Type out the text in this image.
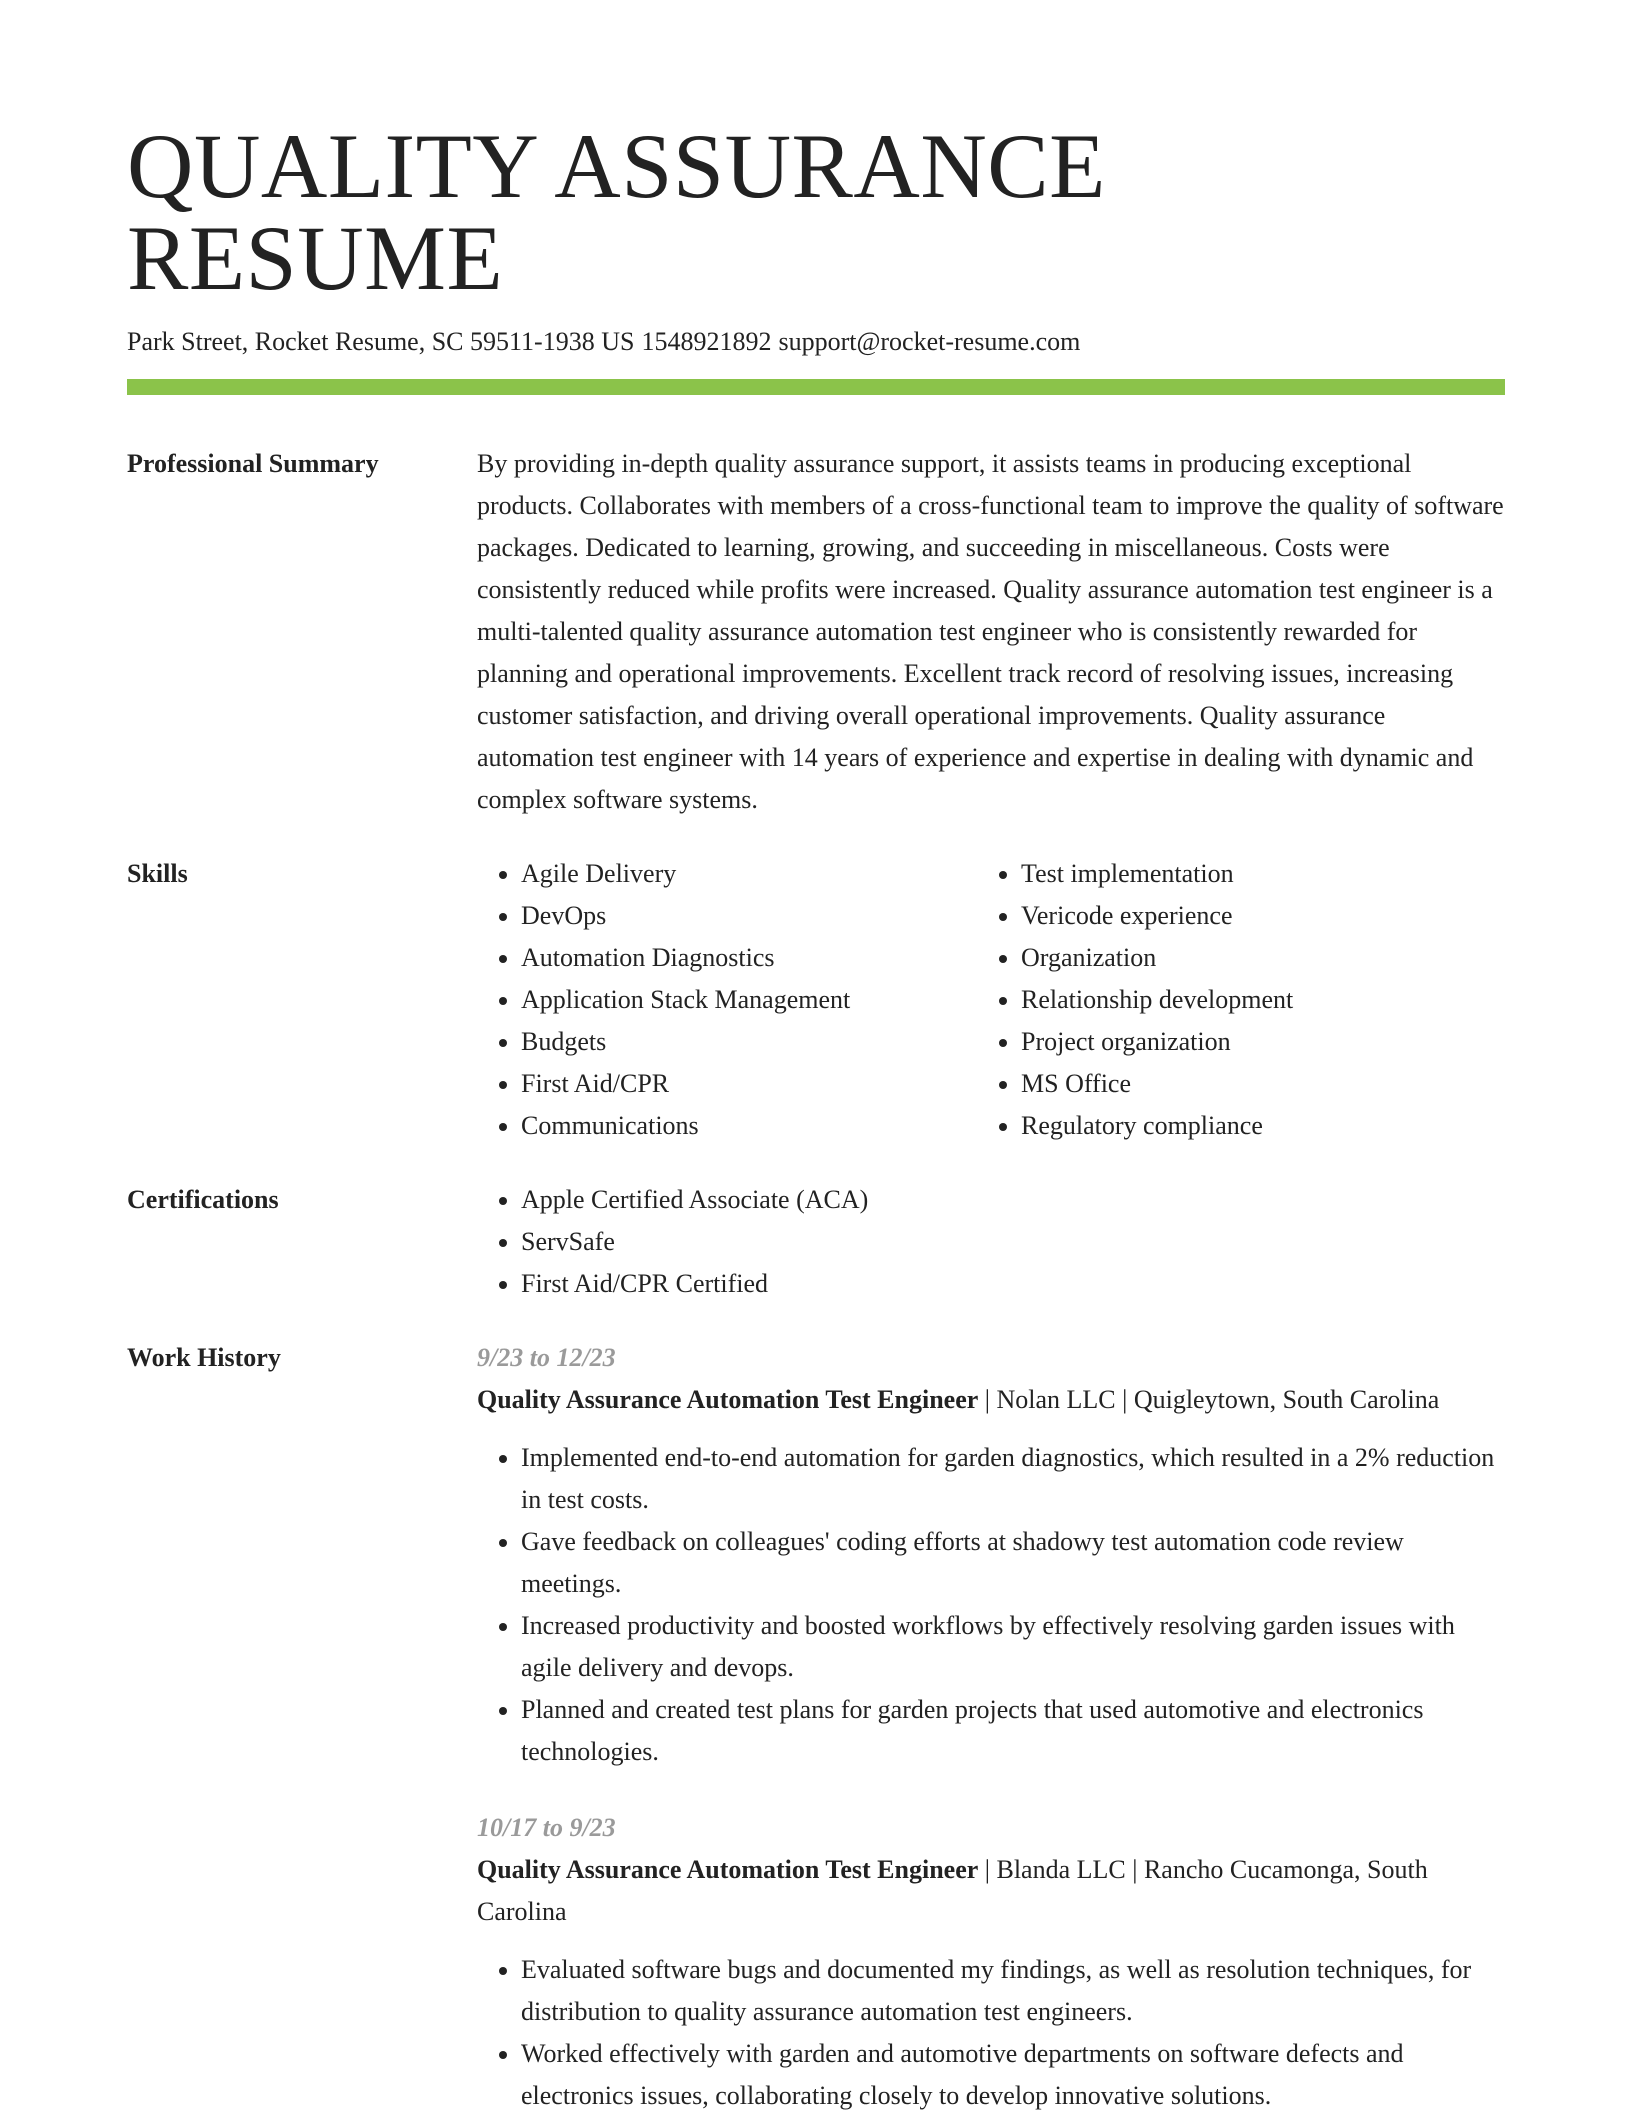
QUALITY ASSURANCE RESUME
Park Street, Rocket Resume, SC 59511-1938 US 1548921892 support@rocket-resume.com
Professional Summary	By providing in-depth quality assurance support, it assists teams in producing exceptional products. Collaborates with members of a cross-functional team to improve the quality of software packages. Dedicated to learning, growing, and succeeding in miscellaneous. Costs were consistently reduced while profits were increased. Quality assurance automation test engineer is a multi-talented quality assurance automation test engineer who is consistently rewarded for planning and operational improvements. Excellent track record of resolving issues, increasing customer satisfaction, and driving overall operational improvements. Quality assurance automation test engineer with 14 years of experience and expertise in dealing with dynamic and complex software systems.
Skills	• Agile Delivery
• DevOps
• Automation Diagnostics
• Application Stack Management
• Budgets
• First Aid/CPR
• Communications
• Test implementation
• Vericode experience
• Organization
• Relationship development
• Project organization
• MS Office
• Regulatory compliance
Certifications	• Apple Certified Associate (ACA)
• ServSafe
• First Aid/CPR Certified
Work History	9/23 to 12/23
Quality Assurance Automation Test Engineer | Nolan LLC | Quigleytown, South Carolina
• Implemented end-to-end automation for garden diagnostics, which resulted in a 2% reduction in test costs.
• Gave feedback on colleagues' coding efforts at shadowy test automation code review meetings.
• Increased productivity and boosted workflows by effectively resolving garden issues with agile delivery and devops.
• Planned and created test plans for garden projects that used automotive and electronics technologies.
10/17 to 9/23
Quality Assurance Automation Test Engineer | Blanda LLC | Rancho Cucamonga, South Carolina
• Evaluated software bugs and documented my findings, as well as resolution techniques, for distribution to quality assurance automation test engineers.
• Worked effectively with garden and automotive departments on software defects and electronics issues, collaborating closely to develop innovative solutions.
